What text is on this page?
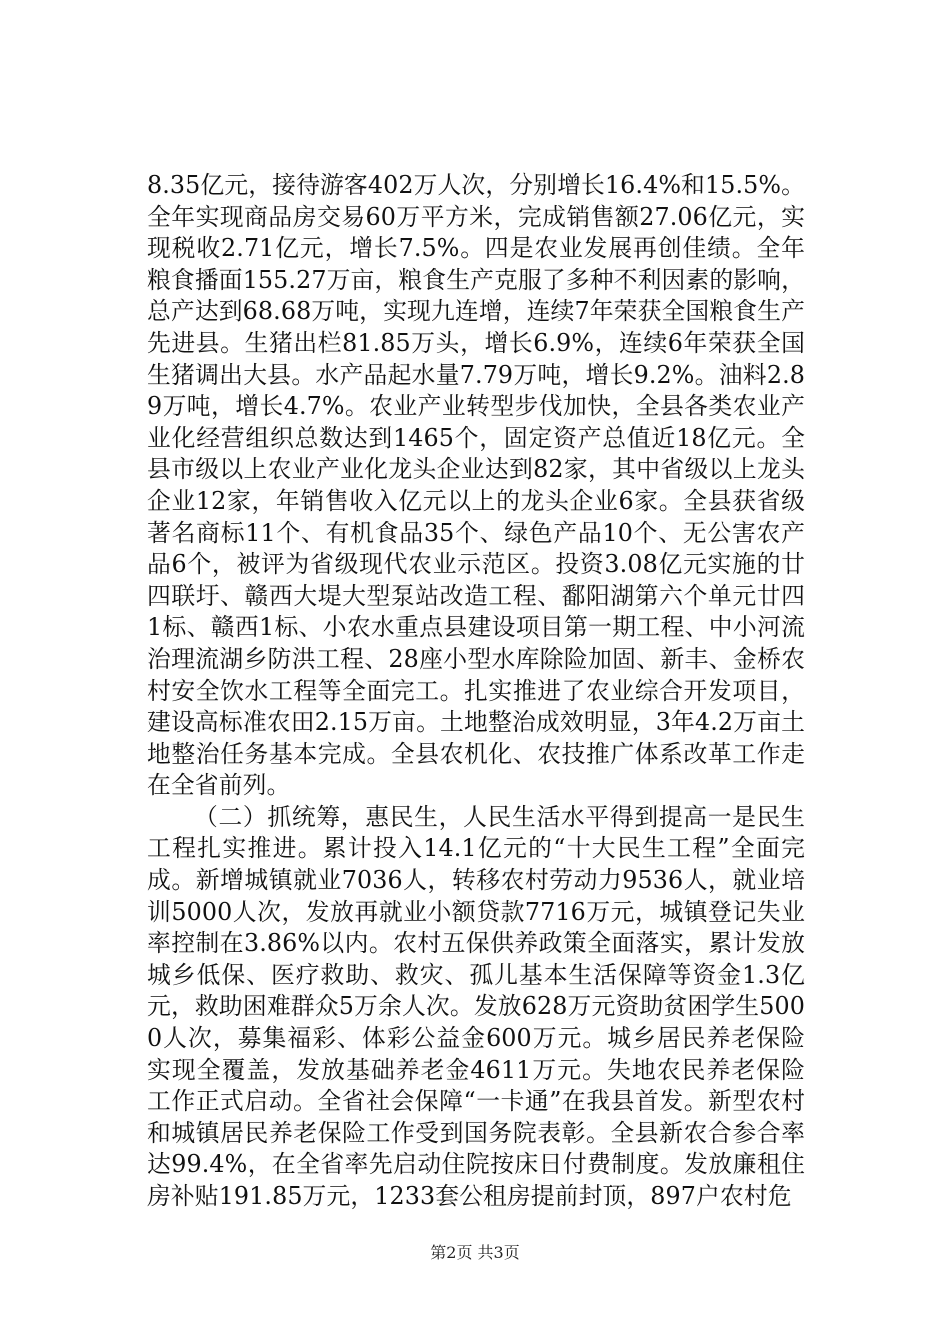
8.35亿元，接待游客402万人次，分别增长16.4%和15.5%。全年实现商品房交易60万平方米，完成销售额27.06亿元，实现税收2.71亿元，增长7.5%。四是农业发展再创佳绩。全年粮食播面155.27万亩，粮食生产克服了多种不利因素的影响，总产达到68.68万吨，实现九连增，连续7年荣获全国粮食生产先进县。生猪出栏81.85万头，增长6.9%，连续6年荣获全国生猪调出大县。水产品起水量7.79万吨，增长9.2%。油料2.89万吨，增长4.7%。农业产业转型步伐加快，全县各类农业产业化经营组织总数达到1465个，固定资产总值近18亿元。全县市级以上农业产业化龙头企业达到82家，其中省级以上龙头企业12家，年销售收入亿元以上的龙头企业6家。全县获省级著名商标11个、有机食品35个、绿色产品10个、无公害农产品6个，被评为省级现代农业示范区。投资3.08亿元实施的廿四联圩、赣西大堤大型泵站改造工程、鄱阳湖第六个单元廿四1标、赣西1标、小农水重点县建设项目第一期工程、中小河流治理流湖乡防洪工程、28座小型水库除险加固、新丰、金桥农村安全饮水工程等全面完工。扎实推进了农业综合开发项目，建设高标准农田2.15万亩。土地整治成效明显，3年4.2万亩土地整治任务基本完成。全县农机化、农技推广体系改革工作走在全省前列。

（二）抓统筹，惠民生，人民生活水平得到提高一是民生工程扎实推进。累计投入14.1亿元的“十大民生工程”全面完成。新增城镇就业7036人，转移农村劳动力9536人，就业培训5000人次，发放再就业小额贷款7716万元，城镇登记失业率控制在3.86%以内。农村五保供养政策全面落实，累计发放城乡低保、医疗救助、救灾、孤儿基本生活保障等资金1.3亿元，救助困难群众5万余人次。发放628万元资助贫困学生5000人次，募集福彩、体彩公益金600万元。城乡居民养老保险实现全覆盖，发放基础养老金4611万元。失地农民养老保险工作正式启动。全省社会保障“一卡通”在我县首发。新型农村和城镇居民养老保险工作受到国务院表彰。全县新农合参合率达99.4%，在全省率先启动住院按床日付费制度。发放廉租住房补贴191.85万元，1233套公租房提前封顶，897户农村危

第2页 共3页
